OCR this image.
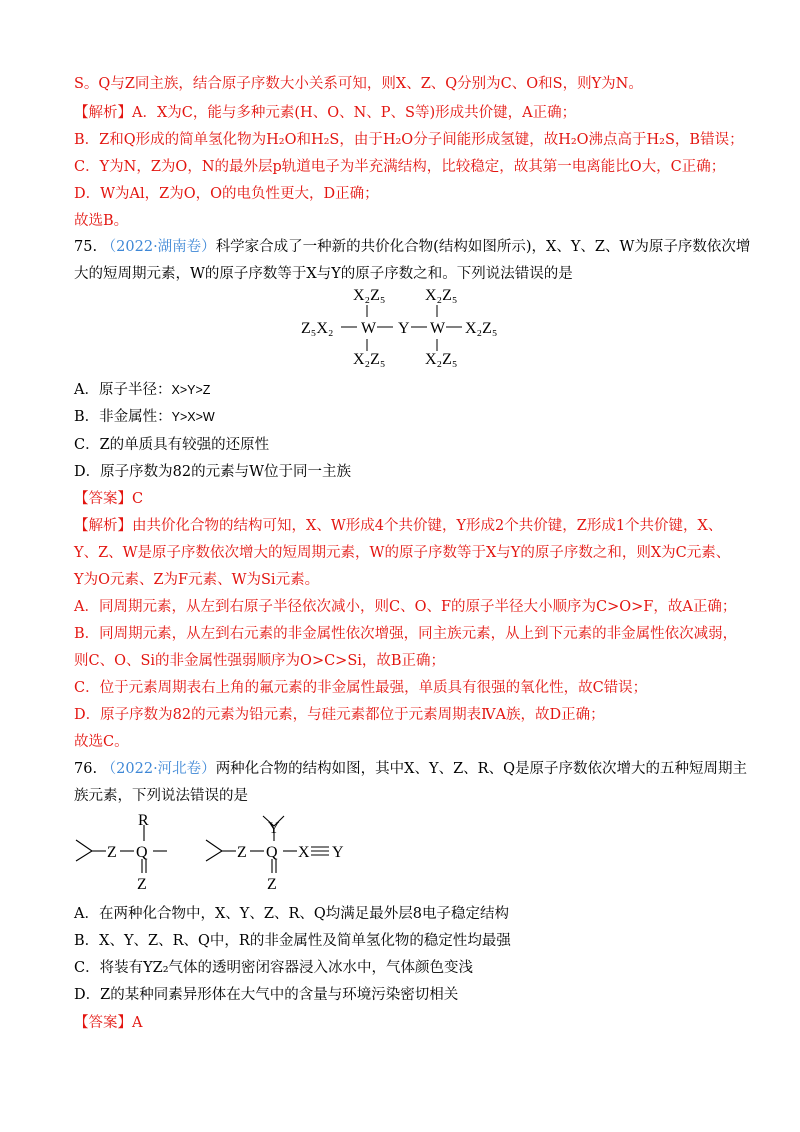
S。Q与Z同主族，结合原子序数大小关系可知，则X、Z、Q分别为C、O和S，则Y为N。
【解析】A．X为C，能与多种元素(H、O、N、P、S等)形成共价键，A正确；
B．Z和Q形成的简单氢化物为H₂O和H₂S，由于H₂O分子间能形成氢键，故H₂O沸点高于H₂S，B错误；
C．Y为N，Z为O，N的最外层p轨道电子为半充满结构，比较稳定，故其第一电离能比O大，C正确；
D．W为Al，Z为O，O的电负性更大，D正确；
故选B。
75. （2022·湖南卷）科学家合成了一种新的共价化合物(结构如图所示)，X、Y、Z、W为原子序数依次增
大的短周期元素，W的原子序数等于X与Y的原子序数之和。下列说法错误的是
X₂Z₅ X₂Z₅
Z₅X₂ W Y W X₂Z₅
X₂Z₅ X₂Z₅
A．原子半径：X>Y>Z
B．非金属性：Y>X>W
C．Z的单质具有较强的还原性
D．原子序数为82的元素与W位于同一主族
【答案】C
【解析】由共价化合物的结构可知，X、W形成4个共价键，Y形成2个共价键，Z形成1个共价键，X、
Y、Z、W是原子序数依次增大的短周期元素，W的原子序数等于X与Y的原子序数之和，则X为C元素、
Y为O元素、Z为F元素、W为Si元素。
A．同周期元素，从左到右原子半径依次减小，则C、O、F的原子半径大小顺序为C>O>F，故A正确；
B．同周期元素，从左到右元素的非金属性依次增强，同主族元素，从上到下元素的非金属性依次减弱，
则C、O、Si的非金属性强弱顺序为O>C>Si，故B正确；
C．位于元素周期表右上角的氟元素的非金属性最强，单质具有很强的氧化性，故C错误；
D．原子序数为82的元素为铅元素，与硅元素都位于元素周期表ⅣA族，故D正确；
故选C。
76. （2022·河北卷）两种化合物的结构如图，其中X、Y、Z、R、Q是原子序数依次增大的五种短周期主
族元素，下列说法错误的是
R
Z Q
Z
Y
Z Q X Y
Z
A．在两种化合物中，X、Y、Z、R、Q均满足最外层8电子稳定结构
B．X、Y、Z、R、Q中，R的非金属性及简单氢化物的稳定性均最强
C．将装有YZ₂气体的透明密闭容器浸入冰水中，气体颜色变浅
D．Z的某种同素异形体在大气中的含量与环境污染密切相关
【答案】A
